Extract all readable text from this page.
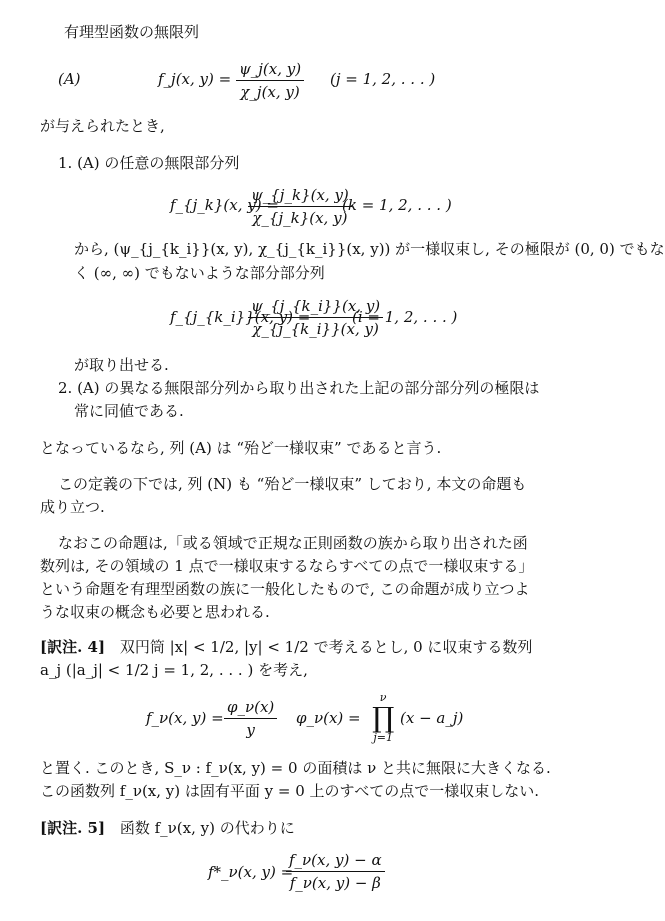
有理型函数の無限列
(A)	f_j(x, $y) = \frac{\psi\_j(x, y)}{\chi\_j(x, y)} (j = 1$, 2, . . . )
が与えられたとき,
1. (A) の任意の無限部分列
f_{j_k}(x, y) =
$\frac{\psi\_\{j\_k\}(x, y)}{\chi\_\{j\_k\}(x, y)}$
(k = 1, 2, . . . )
から, (ψ_{j_{k_i}}(x, y), χ_{j_{k_i}}(x, y)) が一様収束し, その極限が (0, 0) でもな
く (∞, ∞) でもないような部分部分列
f_{j_{k_i}}(x, y) =
$\frac{\psi\_\{j\_\{k\_i\}\}(x, y)}{\chi\_\{j\_\{k\_i\}\}(x, y)}$
(i = 1, 2, . . . )
が取り出せる.
2. (A) の異なる無限部分列から取り出された上記の部分部分列の極限は
常に同値である.
となっているなら, 列 (A) は “殆ど一様収束” であると言う.
この定義の下では, 列 (N) も “殆ど一様収束” しており, 本文の命題も
成り立つ.
なおこの命題は,「或る領域で正規な正則函数の族から取り出された函
数列は, その領域の 1 点で一様収束するならすべての点で一様収束する」
という命題を有理型函数の族に一般化したもので, この命題が成り立つよ
うな収束の概念も必要と思われる.
[訳注. 4] 双円筒 |x| < 1/2, |y| < 1/2 で考えるとし, 0 に収束する数列
a_j (|a_j| < 1/2 j = 1, 2, . . . ) を考え,
f_ν(x, $y) = \frac{\varphi\_\nu(x)}{y}$ φ_ν(x) =
ν
∏
j=1
(x − a_j)
と置く. このとき, S_ν : f_ν(x, y) = 0 の面積は ν と共に無限に大きくなる.
この函数列 f_ν(x, y) は固有平面 y = 0 上のすべての点で一様収束しない.
[訳注. 5] 函数 f_ν(x, y) の代わりに
f*_ν(x, y) =
$\frac{f\_\nu(x, y) - \alpha}{f\_\nu(x, y) - \beta}$
